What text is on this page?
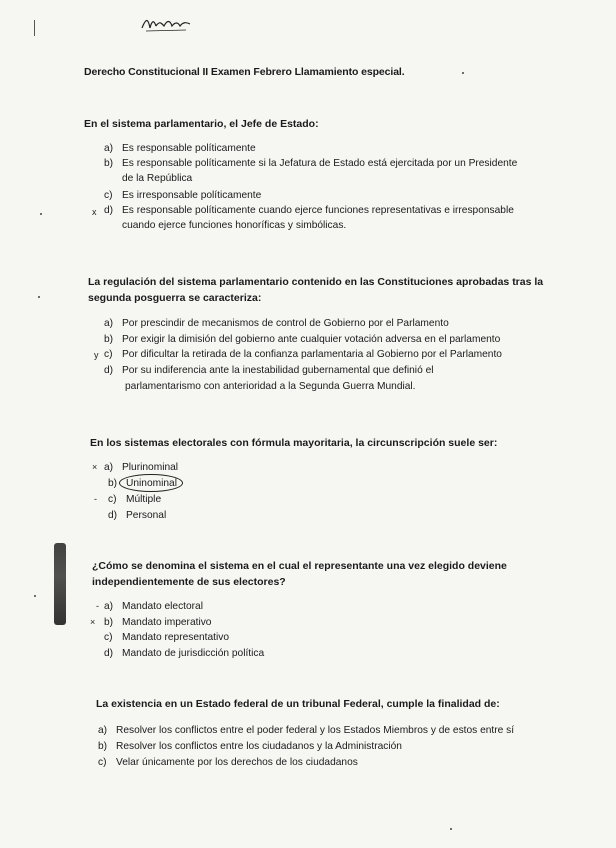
Derecho Constitucional II Examen Febrero Llamamiento especial.
En el sistema parlamentario, el Jefe de Estado:
a) Es responsable políticamente
b) Es responsable políticamente si la Jefatura de Estado está ejercitada por un Presidente
de la República
c) Es irresponsable políticamente
x d) Es responsable políticamente cuando ejerce funciones representativas e irresponsable
cuando ejerce funciones honoríficas y simbólicas.
La regulación del sistema parlamentario contenido en las Constituciones aprobadas tras la
segunda posguerra se caracteriza:
a) Por prescindir de mecanismos de control de Gobierno por el Parlamento
b) Por exigir la dimisión del gobierno ante cualquier votación adversa en el parlamento
y c) Por dificultar la retirada de la confianza parlamentaria al Gobierno por el Parlamento
d) Por su indiferencia ante la inestabilidad gubernamental que definió el
parlamentarismo con anterioridad a la Segunda Guerra Mundial.
En los sistemas electorales con fórmula mayoritaria, la circunscripción suele ser:
× a) Plurinominal
b) Uninominal
- c) Múltiple
d) Personal
¿Cómo se denomina el sistema en el cual el representante una vez elegido deviene
independientemente de sus electores?
- a) Mandato electoral
× b) Mandato imperativo
c) Mandato representativo
d) Mandato de jurisdicción política
La existencia en un Estado federal de un tribunal Federal, cumple la finalidad de:
a) Resolver los conflictos entre el poder federal y los Estados Miembros y de estos entre sí
b) Resolver los conflictos entre los ciudadanos y la Administración
c) Velar únicamente por los derechos de los ciudadanos
